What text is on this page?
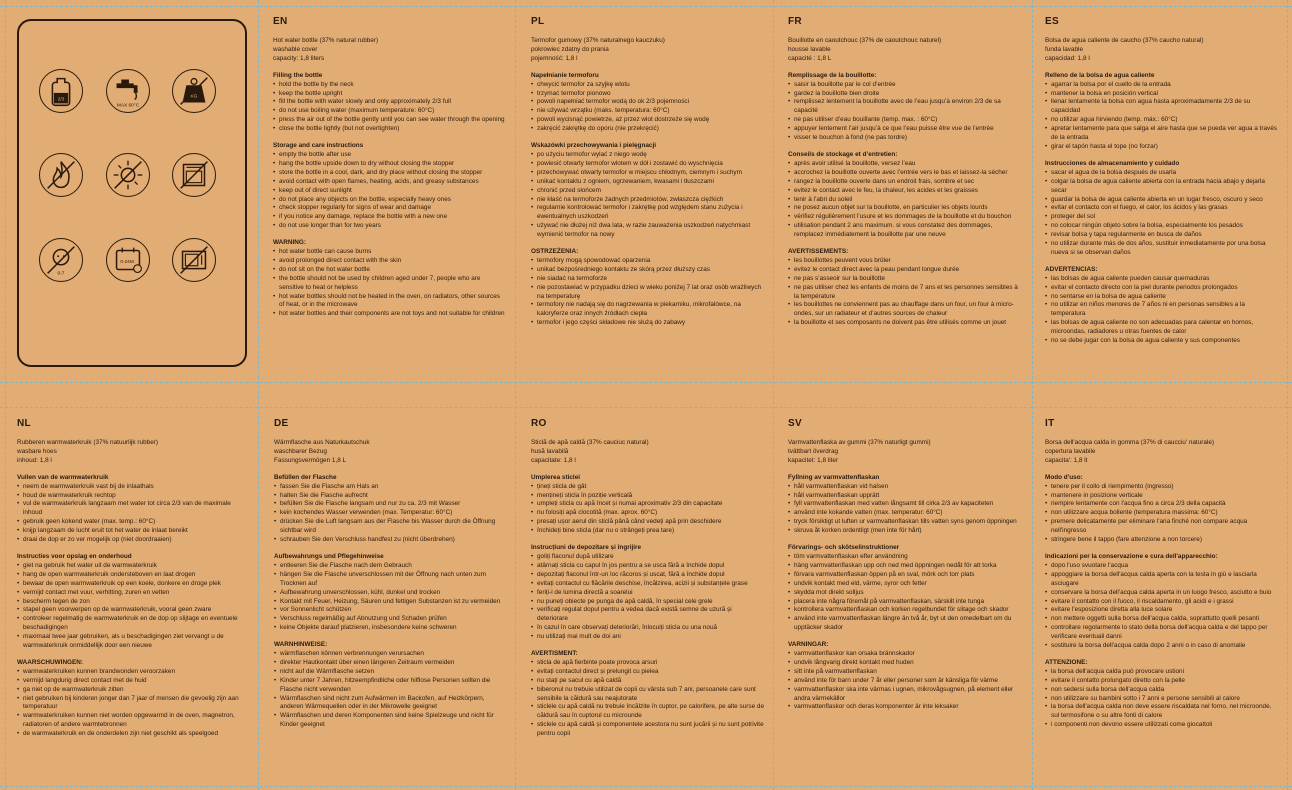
2/3
MAX 60°C
KG
0-7
0-24M
EN
Hot water bottle (37% natural rubber)
washable cover
capacity: 1,8 liters
Filling the bottle
• hold the bottle by the neck
• keep the bottle upright
• fill the bottle with water slowly and only approximately 2/3 full
• do not use boiling water (maximum temperature: 60°C)
• press the air out of the bottle gently until you can see water through the opening
• close the bottle tightly (but not overtighten)
Storage and care instructions
• empty the bottle after use
• hang the bottle upside down to dry without closing the stopper
• store the bottle in a cool, dark, and dry place without closing the stopper
• avoid contact with open flames, heating, acids, and greasy substances
• keep out of direct sunlight
• do not place any objects on the bottle, especially heavy ones
• check stopper regularly for signs of wear and damage
• if you notice any damage, replace the bottle with a new one
• do not use longer than for two years
WARNING:
• hot water bottle can cause burns
• avoid prolonged direct contact with the skin
• do not sit on the hot water bottle
• the bottle should not be used by children aged under 7, people who are sensitive to heat or helpless
• hot water bottles should not be heated in the oven, on radiators, other sources of heat, or in the microwave
• hot water bottles and their components are not toys and not suitable for children
PL
Termofor gumowy (37% naturalnego kauczuku)
pokrowiec zdatny do prania
pojemność: 1,8 l
Napełnianie termoforu
• chwycić termofor za szyjkę wlotu
• trzymać termofor pionowo
• powoli napełniać termofor wodą do ok 2/3 pojemności
• nie używać wrzątku (maks. temperatura: 60°C)
• powoli wycisnąć powietrze, aż przez wlot dostrzeże się wodę
• zakręcić zakrętkę do oporu (nie przekręcić)
Wskazówki przechowywania i pielęgnacji
• po użyciu termofor wylać z niego wodę
• powiesić otwarty termofor wlotem w dół i zostawić do wyschnięcia
• przechowywać otwarty termofor w miejscu chłodnym, ciemnym i suchym
• unikać kontaktu z ogniem, ogrzewaniem, kwasami i tłuszczami
• chronić przed słońcem
• nie kłaść na termoforze żadnych przedmiotów, zwłaszcza ciężkich
• regularnie kontrolować termofor i zakrętkę pod względem stanu zużycia i ewentualnych uszkodzeń
• używać nie dłużej niż dwa lata, w razie zauważenia uszkodzeń natychmiast wymienić termofor na nowy
OSTRZEŻENIA:
• termofory mogą spowodować oparzenia
• unikać bezpośredniego kontaktu ze skórą przez dłuższy czas
• nie siadać na termoforze
• nie pozostawiać w przypadku dzieci w wieku poniżej 7 lat oraz osób wrażliwych na temperaturę
• termofory nie nadają się do nagrzewania w piekarniku, mikrofalówce, na kaloryferze oraz innych źródłach ciepła
• termofor i jego części składowe nie służą do zabawy
FR
Bouillotte en caoutchouc (37% de caoutchouc naturel)
housse lavable
capacité : 1,8 L
Remplissage de la bouillotte:
• saisir la bouillotte par le col d’entrée
• gardez la bouillotte bien droite
• remplissez lentement la bouillotte avec de l’eau jusqu’à environ 2/3 de sa capacité
• ne pas utiliser d’eau bouillante (temp. max. : 60°C)
• appuyer lentement l’air jusqu’à ce que l’eau puisse être vue de l’entrée
• visser le bouchon à fond (ne pas tordre)
Conseils de stockage et d’entretien:
• après avoir utilisé la bouillotte, versez l’eau
• accrochez la bouillotte ouverte avec l’entrée vers le bas et laissez-la sécher
• rangez la bouillotte ouverte dans un endroit frais, sombre et sec
• evitez le contact avec le feu, la chaleur, les acides et les graisses
• tenir à l’abri du soleil
• ne posez aucun objet sur la bouillotte, en particulier les objets lourds
• vérifiez régulièrement l’usure et les dommages de la bouillotte et du bouchon
• utilisation pendant 2 ans maximum. si vous constatez des dommages, remplacez immédiatement la bouillotte par une neuve
AVERTISSEMENTS:
• les bouillottes peuvent vous brûler
• evitez le contact direct avec la peau pendant longue durée
• ne pas s’asseoir sur la bouillotte
• ne pas utiliser chez les enfants de moins de 7 ans et les personnes sensibles à la température
• les bouillottes ne conviennent pas au chauffage dans un four, un four à micro-ondes, sur un radiateur et d’autres sources de chaleur
• la bouillotte et ses composants ne doivent pas être utilisés comme un jouet
ES
Bolsa de agua caliente de caucho (37% caucho natural)
funda lavable
capacidad: 1,8 l
Relleno de la bolsa de agua caliente
• agarrar la bolsa por el cuello de la entrada
• mantener la bolsa en posición vertical
• llenar lentamente la bolsa con agua hasta aproximadamente 2/3 de su capacidad
• no utilizar agua hirviendo (temp. máx.: 60°C)
• apretar lentamente para que salga el aire hasta que se pueda ver agua a través de la entrada
• girar el tapón hasta el tope (no forzar)
Instrucciones de almacenamiento y cuidado
• sacar el agua de la bolsa después de usarla
• colgar la bolsa de agua caliente abierta con la entrada hacia abajo y dejarla secar
• guardar la bolsa de agua caliente abierta en un lugar fresco, oscuro y seco
• evitar el contacto con el fuego, el calor, los ácidos y las grasas
• proteger del sol
• no colocar ningún objeto sobre la bolsa, especialmente los pesados
• revisar bolsa y tapa regularmente en busca de daños
• no utilizar durante más de dos años, sustituir inmediatamente por una bolsa nueva si se observan daños
ADVERTENCIAS:
• las bolsas de agua caliente pueden causar quemaduras
• evitar el contacto directo con la piel durante periodos prolongados
• no sentarse en la bolsa de agua caliente
• no utilizar en niños menores de 7 años ni en personas sensibles a la temperatura
• las bolsas de agua caliente no son adecuadas para calentar en hornos, microondas, radiadores u otras fuentes de calor
• no se debe jugar con la bolsa de agua caliente y sus componentes
NL
Rubberen warmwaterkruik (37% natuurlijk rubber)
wasbare hoes
inhoud: 1,8 l
Vullen van de warmwaterkruik
• neem de warmwaterkruik vast bij de inlaathals
• houd de warmwaterkruik rechtop
• vul de warmwaterkruik langzaam met water tot circa 2/3 van de maximale inhoud
• gebruik geen kokend water (max. temp.: 60°C)
• knijp langzaam de lucht eruit tot het water de inlaat bereikt
• draai de dop er zo ver mogelijk op (niet doordraaien)
Instructies voor opslag en onderhoud
• giet na gebruik het water uit de warmwaterkruik
• hang de open warmwaterkruik ondersteboven en laat drogen
• bewaar de open warmwaterkruik op een koele, donkere en droge plek
• vermijd contact met vuur, verhitting, zuren en vetten
• bescherm tegen de zon
• stapel geen voorwerpen op de warmwaterkruik, vooral geen zware
• controleer regelmatig de warmwaterkruik en de dop op slijtage en eventuele beschadigingen
• maximaal twee jaar gebruiken, als u beschadigingen ziet vervangt u de warmwaterkruik onmiddellijk door een nieuwe
WAARSCHUWINGEN:
• warmwaterkruiken kunnen brandwonden veroorzaken
• vermijd langdurig direct contact met de huid
• ga niet op de warmwaterkruik zitten
• niet gebruiken bij kinderen jonger dan 7 jaar of mensen die gevoelig zijn aan temperatuur
• warmwaterkruiken kunnen niet worden opgewarmd in de oven, magnetron, radiatoren of andere warmtebronnen
• de warmwaterkruik en de onderdelen zijn niet geschikt als speelgoed
DE
Wärmflasche aus Naturkautschuk
waschbarer Bezug
Fassungsvermögen 1,8 L
Befüllen der Flasche
• fassen Sie die Flasche am Hals an
• halten Sie die Flasche aufrecht
• befüllen Sie die Flasche langsam und nur zu ca. 2/3 mit Wasser
• kein kochendes Wasser verwenden (max. Temperatur: 60°C)
• drücken Sie die Luft langsam aus der Flasche bis Wasser durch die Öffnung sichtbar wird
• schrauben Sie den Verschluss handfest zu (nicht überdrehen)
Aufbewahrungs und Pflegehinweise
• entleeren Sie die Flasche nach dem Gebrauch
• hängen Sie die Flasche unverschlossen mit der Öffnung nach unten zum Trocknen auf
• Aufbewahrung unverschlossen, kühl, dunkel und trocken
• Kontakt mit Feuer, Heizung, Säuren und fettigen Substanzen ist zu vermeiden
• vor Sonnenlicht schützen
• Verschluss regelmäßig auf Abnutzung und Schaden prüfen
• keine Objekte darauf platzieren, insbesondere keine schweren
WARNHINWEISE:
• wärmflaschen können verbrennungen verursachen
• direkter Hautkontakt über einen längeren Zeitraum vermeiden
• nicht auf die Wärmflasche setzen
• Kinder unter 7 Jahren, hitzeempfindliche oder hilflose Personen sollten die Flasche nicht verwenden
• Wärmflaschen sind nicht zum Aufwärmen im Backofen, auf Heizkörpern, anderen Wärmequellen oder in der Mikrowelle geeignet
• Wärmflaschen und deren Komponenten sind keine Spielzeuge und nicht für Kinder geeignet
RO
Sticlă de apă caldă (37% cauciuc natural)
husă lavabilă
capacitate: 1,8 l
Umplerea sticlei
• țineți sticla de gât
• mențineți sticla în poziție verticală
• umpleți sticla cu apă încet și numai aproximativ 2/3 din capacitate
• nu folosiți apă clocotită (max. aprox. 60°C)
• presați ușor aerul din sticlă până când vedeți apă prin deschidere
• închideți bine sticla (dar nu o strângeți prea tare)
Instrucțiuni de depozitare și îngrijire
• goliți flaconul după utilizare
• atârnați sticla cu capul în jos pentru a se usca fără a închide dopul
• depozitați flaconul într-un loc răcoros și uscat, fără a închide dopul
• evitați contactul cu flăcările deschise, încălzirea, acizii și substanțele grase
• feriți-l de lumina directă a soarelui
• nu puneți obiecte pe punga de apă caldă, în special cele grele
• verificați regulat dopul pentru a vedea dacă există semne de uzură și deteriorare
• în cazul în care observați deteriorări, înlocuiți sticla cu una nouă
• nu utilizați mai mult de doi ani
AVERTISMENT:
• sticla de apă fierbinte poate provoca arsuri
• evitați contactul direct și prelungit cu pielea
• nu stați pe sacul cu apă caldă
• biberonul nu trebuie utilizat de copii cu vârsta sub 7 ani, persoanele care sunt sensibile la căldură sau neajutorate
• sticlele cu apă caldă nu trebuie încălzite în cuptor, pe caloriferе, pe alte surse de căldură sau în cuptorul cu microunde
• sticlele cu apă caldă și componentele acestora nu sunt jucării și nu sunt potrivite pentru copii
SV
Varmvattenflaska av gummi (37% naturligt gummi)
tvättbart överdrag
kapacitet: 1,8 liter
Fyllning av varmvattenflaskan
• håll varmvattenflaskan vid halsen
• håll varmvattenflaskan upprätt
• fyll varmvattenflaskan med vatten långsamt till cirka 2/3 av kapaciteten
• använd inte kokande vatten (max. temperatur: 60°C)
• tryck försiktigt ut luften ur varmvattenflaskan tills vatten syns genom öppningen
• skruva åt korken ordentligt (men inte för hårt)
Förvarings- och skötselinstruktioner
• töm varmvattenflaskan efter användning
• häng varmvattenflaskan upp och ned med öppningen nedåt för att torka
• förvara varmvattenflaskan öppen på en sval, mörk och torr plats
• undvik kontakt med eld, värme, syror och fetter
• skydda mot direkt solljus
• placera inte några föremål på varmvattenflaskan, särskilt inte tunga
• kontrollera varmvattenflaskan och korken regelbundet för slitage och skador
• använd inte varmvattenflaskan längre än två år, byt ut den omedelbart om du upptäcker skador
VARNINGAR:
• varmvattenflaskor kan orsaka brännskador
• undvik långvarig direkt kontakt med huden
• sitt inte på varmvattenflaskan
• använd inte för barn under 7 år eller personer som är känsliga för värme
• varmvattenflaskor ska inte värmas i ugnen, mikrovågsugnen, på element eller andra värmekällor
• varmvattenflaskor och deras komponenter är inte leksaker
IT
Borsa dell'acqua calda in gomma (37% di caucciu' naturale)
copertura lavabile
capacita': 1,8 lt
Modo d'uso:
• tenere per il collo di riempimento (ingresso)
• mantenere in posizione verticale
• riempire lentamente con l'acqua fino a circa 2/3 della capacità
• non utilizzare acqua bollente (temperatura massima: 60°C)
• premere delicatamente per eliminare l'aria finché non compare acqua nell'ingresso
• stringere bene il tappo (fare attenzione a non torcere)
Indicazioni per la conservazione e cura dell'apparecchio:
• dopo l'uso svuotare l'acqua
• appoggiare la borsa dell'acqua calda aperta con la testa in giù e lasciarla asciugare
• conservare la borsa dell'acqua calda aperta in un luogo fresco, asciutto e buio
• evitare il contatto con il fuoco, il riscaldamento, gli acidi e i grassi
• evitare l'esposizione diretta alla luce solare
• non mettere oggetti sulla borsa dell'acqua calda, soprattutto quelli pesanti
• controllare regolarmente lo stato della borsa dell'acqua calda e del tappo per verificare eventuali danni
• sostituire la borsa dell'acqua calda dopo 2 anni o in caso di anomalie
ATTENZIONE:
• la borsa dell'acqua calda può provocare ustioni
• evitare il contatto prolungato diretto con la pelle
• non sedersi sulla borsa dell'acqua calda
• non utilizzare su bambini sotto i 7 anni e persone sensibili al calore
• la borsa dell'acqua calda non deve essere riscaldata nel forno, nel microonde, sul termosifone o su altre fonti di calore
• i componenti non devono essere utilizzati come giocattoli
